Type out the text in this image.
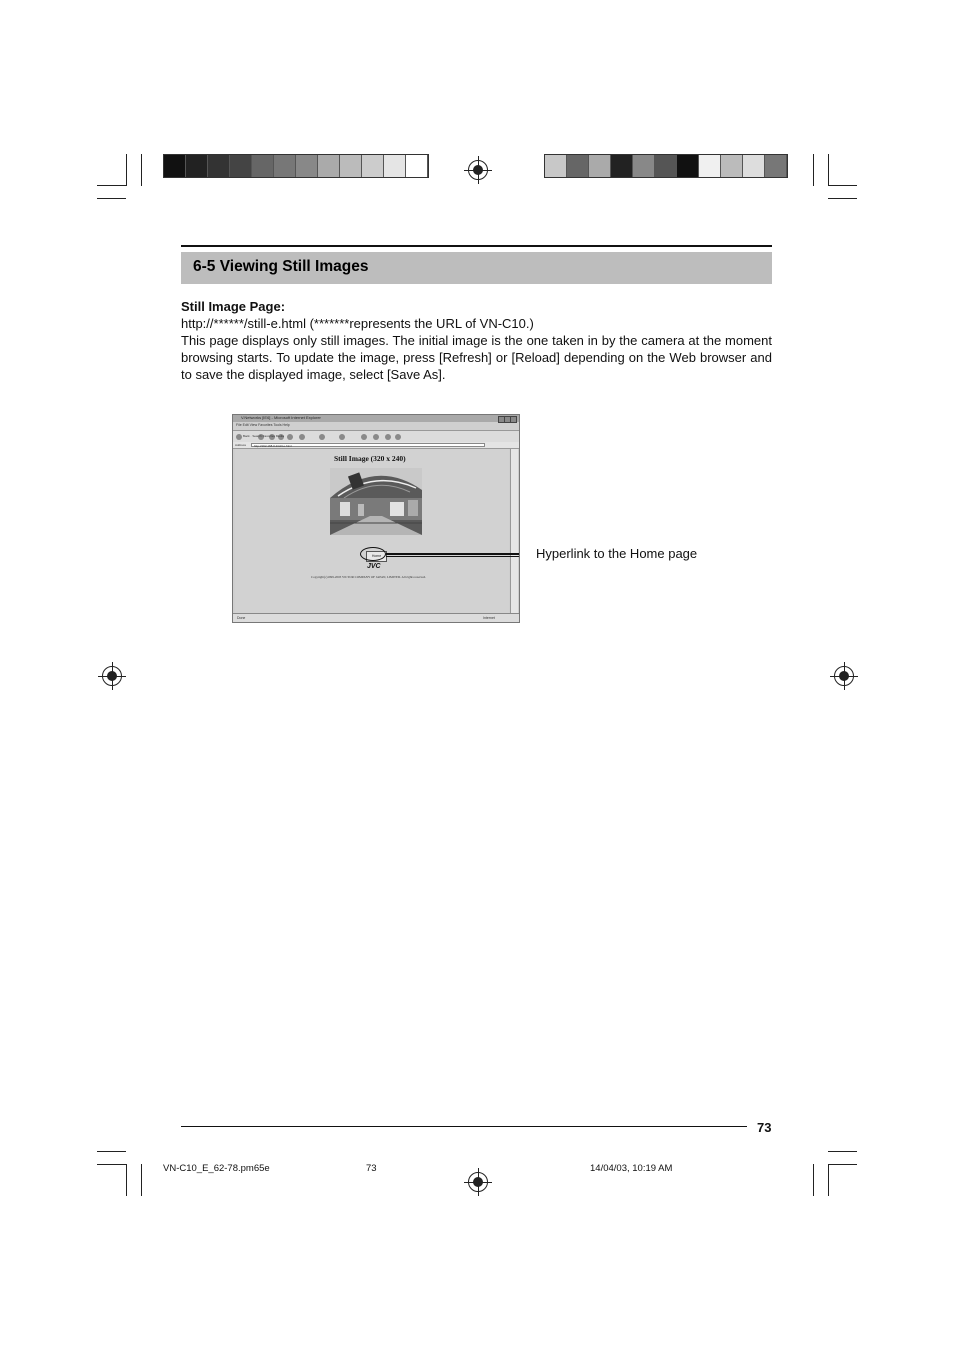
6-5 Viewing Still Images
Still Image Page:
http://******/still-e.html (*******represents the URL of VN-C10.)
This page displays only still images. The initial image is the one taken in by the camera at the moment browsing starts. To update the image, press [Refresh] or [Reload] depending on the Web browser and to save the displayed image, select [Save As].
V.Networks [IE6] - Microsoft Internet Explorer
File Edit View Favorites Tools Help
Back · Search Favorites Media
Address	http://192.168.0.2/still-e.html
Still Image (320 x 240)
Home
JVC
Copyright(c)1999-2003 VICTOR COMPANY OF JAPAN, LIMITED. All rights reserved.
Done	Internet
Hyperlink to the Home page
73
VN-C10_E_62-78.pm65e	73	14/04/03, 10:19 AM
